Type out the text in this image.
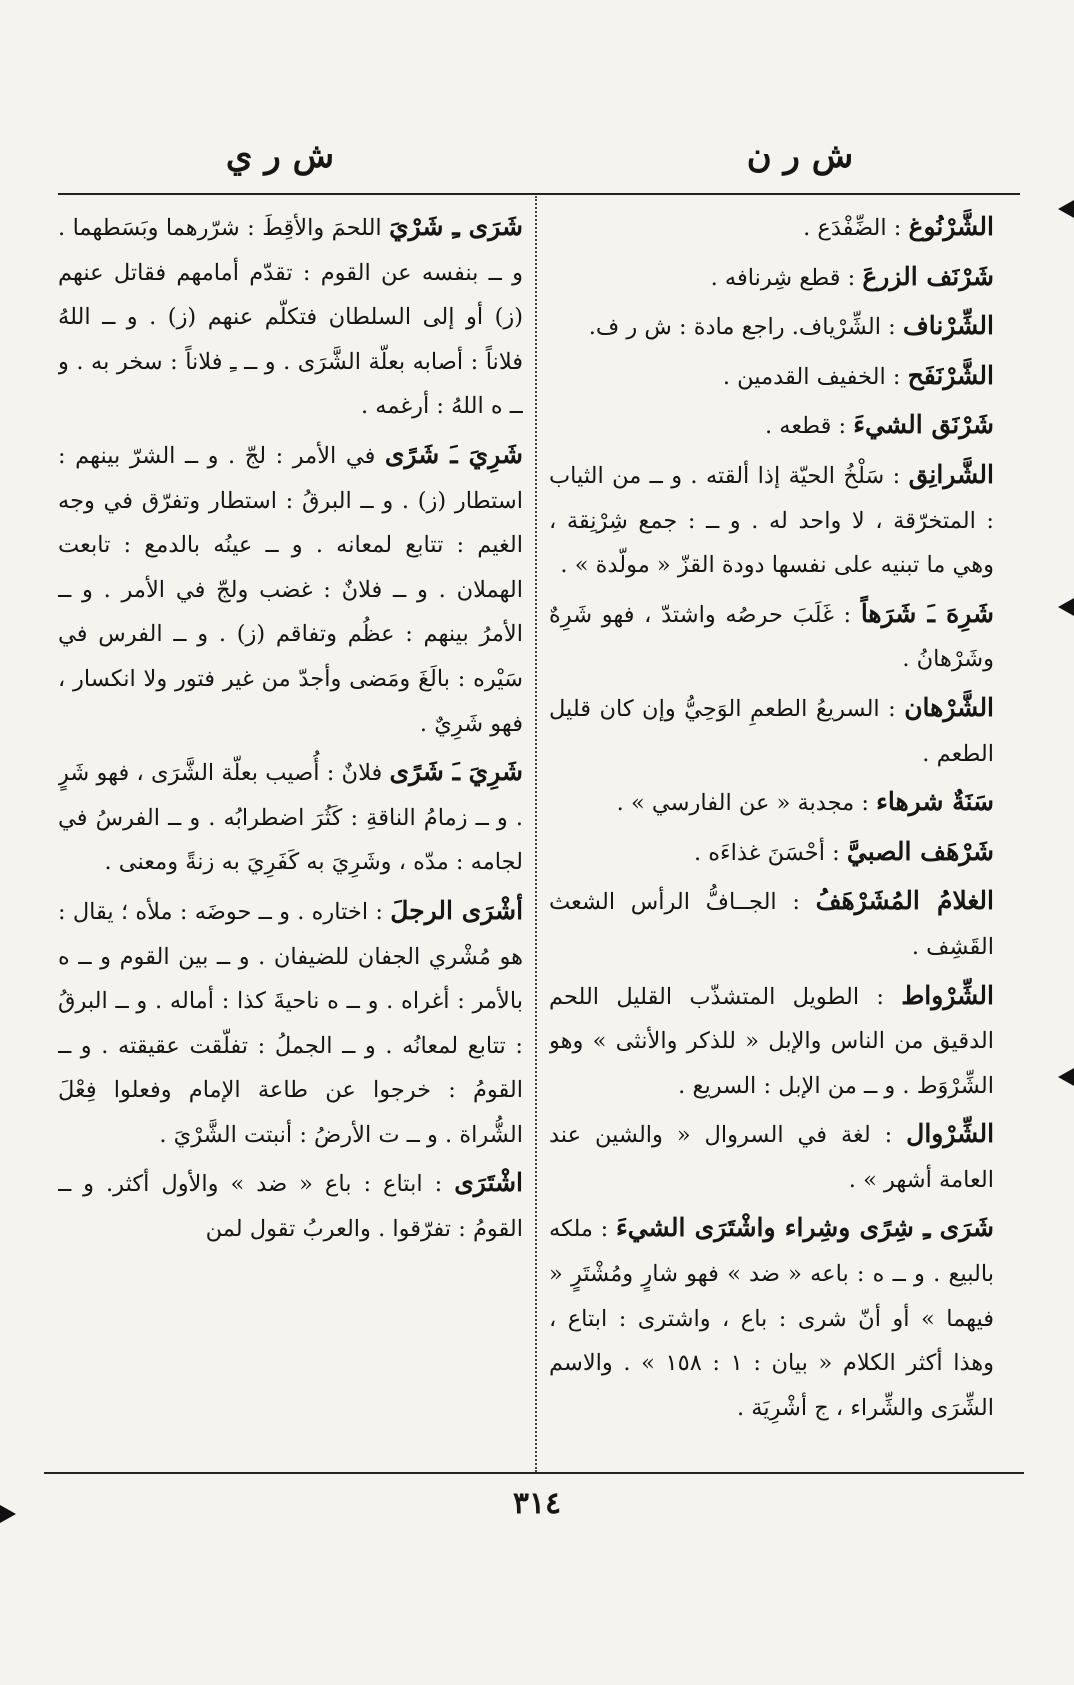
ش ر ن
ش ر ي

الشَّرْنُوغ : الضِّفْدَع .

شَرْنَف الزرعَ : قطع شِرنافه .

الشِّرْناف : الشِّرْياف. راجع مادة : ش ر ف.

الشَّرْنَفَح : الخفيف القدمين .

شَرْنَق الشيءَ : قطعه .

الشَّرانِق : سَلْخُ الحيّة إذا ألقته . و ــ من الثياب : المتخرّقة ، لا واحد له . و ــ : جمع شِرْنِقة ، وهي ما تبنيه على نفسها دودة القزّ « مولّدة » .

شَرِهَ ـَ شَرَهاً : غَلَبَ حرصُه واشتدّ ، فهو شَرِهٌ وشَرْهانُ .

الشَّرْهان : السريعُ الطعمِ الوَحِيُّ وإن كان قليل الطعم .

سَنَةٌ شرهاء : مجدبة « عن الفارسي » .

شَرْهَف الصبيَّ : أحْسَنَ غذاءَه .

الغلامُ المُشَرْهَفُ : الجــافُّ الرأس الشعث القَشِف .

الشِّرْواط : الطويل المتشذّب القليل اللحم الدقيق من الناس والإبل « للذكر والأنثى » وهو الشِّرْوَط . و ــ من الإبل : السريع .

الشِّرْوال : لغة في السروال « والشين عند العامة أشهر » .

شَرَى ـِ شِرًى وشِراء واشْتَرَى الشيءَ : ملكه بالبيع . و ــ ه : باعه « ضد » فهو شارٍ ومُشْتَرٍ « فيهما » أو أنّ شرى : باع ، واشترى : ابتاع ، وهذا أكثر الكلام « بيان : ١ : ١٥٨ » . والاسم الشِّرَى والشِّراء ، ج أشْرِيَة .

شَرَى ـِ شَرْيَ اللحمَ والأقِطَ : شرّرهما وبَسَطهما . و ــ بنفسه عن القوم : تقدّم أمامهم فقاتل عنهم (ز) أو إلى السلطان فتكلّم عنهم (ز) . و ــ اللهُ فلاناً : أصابه بعلّة الشَّرَى . و ــ ـِ فلاناً : سخر به . و ــ ه اللهُ : أرغمه .

شَرِيَ ـَ شَرًى في الأمر : لجّ . و ــ الشرّ بينهم : استطار (ز) . و ــ البرقُ : استطار وتفرّق في وجه الغيم : تتابع لمعانه . و ــ عينُه بالدمع : تابعت الهملان . و ــ فلانٌ : غضب ولجّ في الأمر . و ــ الأمرُ بينهم : عظُم وتفاقم (ز) . و ــ الفرس في سَيْره : بالَغَ ومَضى وأجدّ من غير فتور ولا انكسار ، فهو شَرِيٌ .

شَرِيَ ـَ شَرًى فلانٌ : أُصيب بعلّة الشَّرَى ، فهو شَرٍ . و ــ زمامُ الناقةِ : كَثُرَ اضطرابُه . و ــ الفرسُ في لجامه : مدّه ، وشَرِيَ به كَفَرِيَ به زنةً ومعنى .

أشْرَى الرجلَ : اختاره . و ــ حوضَه : ملأه ؛ يقال : هو مُشْري الجفان للضيفان . و ــ بين القوم و ــ ه بالأمر : أغراه . و ــ ه ناحيةَ كذا : أماله . و ــ البرقُ : تتابع لمعانُه . و ــ الجملُ : تفلّقت عقيقته . و ــ القومُ : خرجوا عن طاعة الإمام وفعلوا فِعْلَ الشُّراة . و ــ ت الأرضُ : أنبتت الشَّرْيَ .

اشْتَرَى : ابتاع : باع « ضد » والأول أكثر. و ــ القومُ : تفرّقوا . والعربُ تقول لمن

٣١٤
